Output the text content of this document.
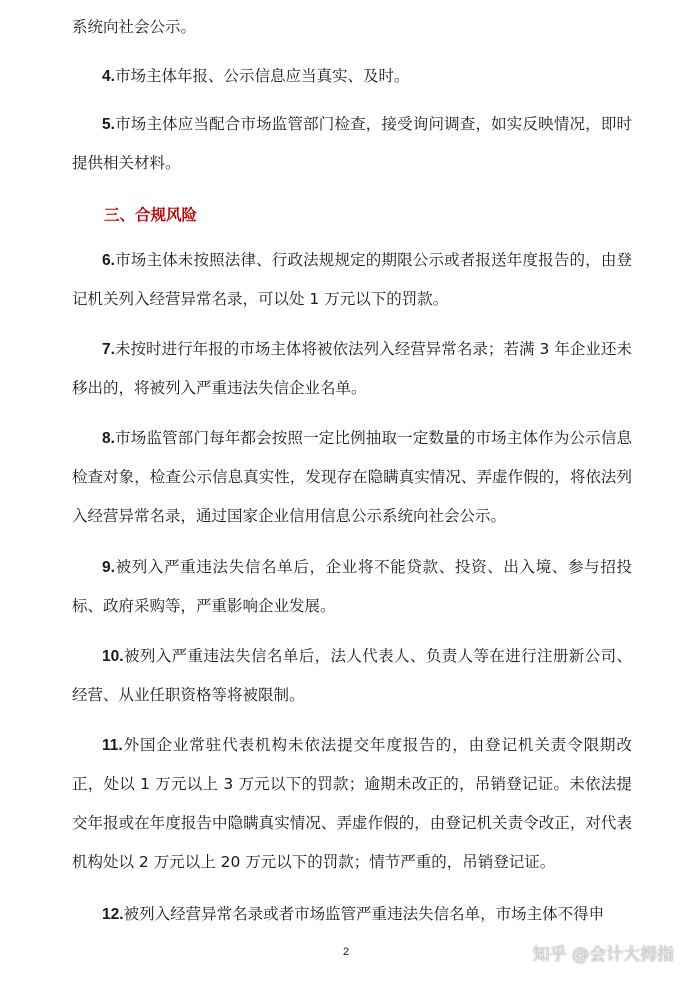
系统向社会公示。

4.市场主体年报、公示信息应当真实、及时。

5.市场主体应当配合市场监管部门检查，接受询问调查，如实反映情况，即时提供相关材料。

三、合规风险

6.市场主体未按照法律、行政法规规定的期限公示或者报送年度报告的，由登记机关列入经营异常名录，可以处 1 万元以下的罚款。

7.未按时进行年报的市场主体将被依法列入经营异常名录；若满 3 年企业还未移出的，将被列入严重违法失信企业名单。

8.市场监管部门每年都会按照一定比例抽取一定数量的市场主体作为公示信息检查对象，检查公示信息真实性，发现存在隐瞒真实情况、弄虚作假的，将依法列入经营异常名录，通过国家企业信用信息公示系统向社会公示。

9.被列入严重违法失信名单后，企业将不能贷款、投资、出入境、参与招投标、政府采购等，严重影响企业发展。

10.被列入严重违法失信名单后，法人代表人、负责人等在进行注册新公司、经营、从业任职资格等将被限制。

11.外国企业常驻代表机构未依法提交年度报告的，由登记机关责令限期改正，处以 1 万元以上 3 万元以下的罚款；逾期未改正的，吊销登记证。未依法提交年报或在年度报告中隐瞒真实情况、弄虚作假的，由登记机关责令改正，对代表机构处以 2 万元以上 20 万元以下的罚款；情节严重的，吊销登记证。

12.被列入经营异常名录或者市场监管严重违法失信名单，市场主体不得申

2	知乎 @会计大拇指
